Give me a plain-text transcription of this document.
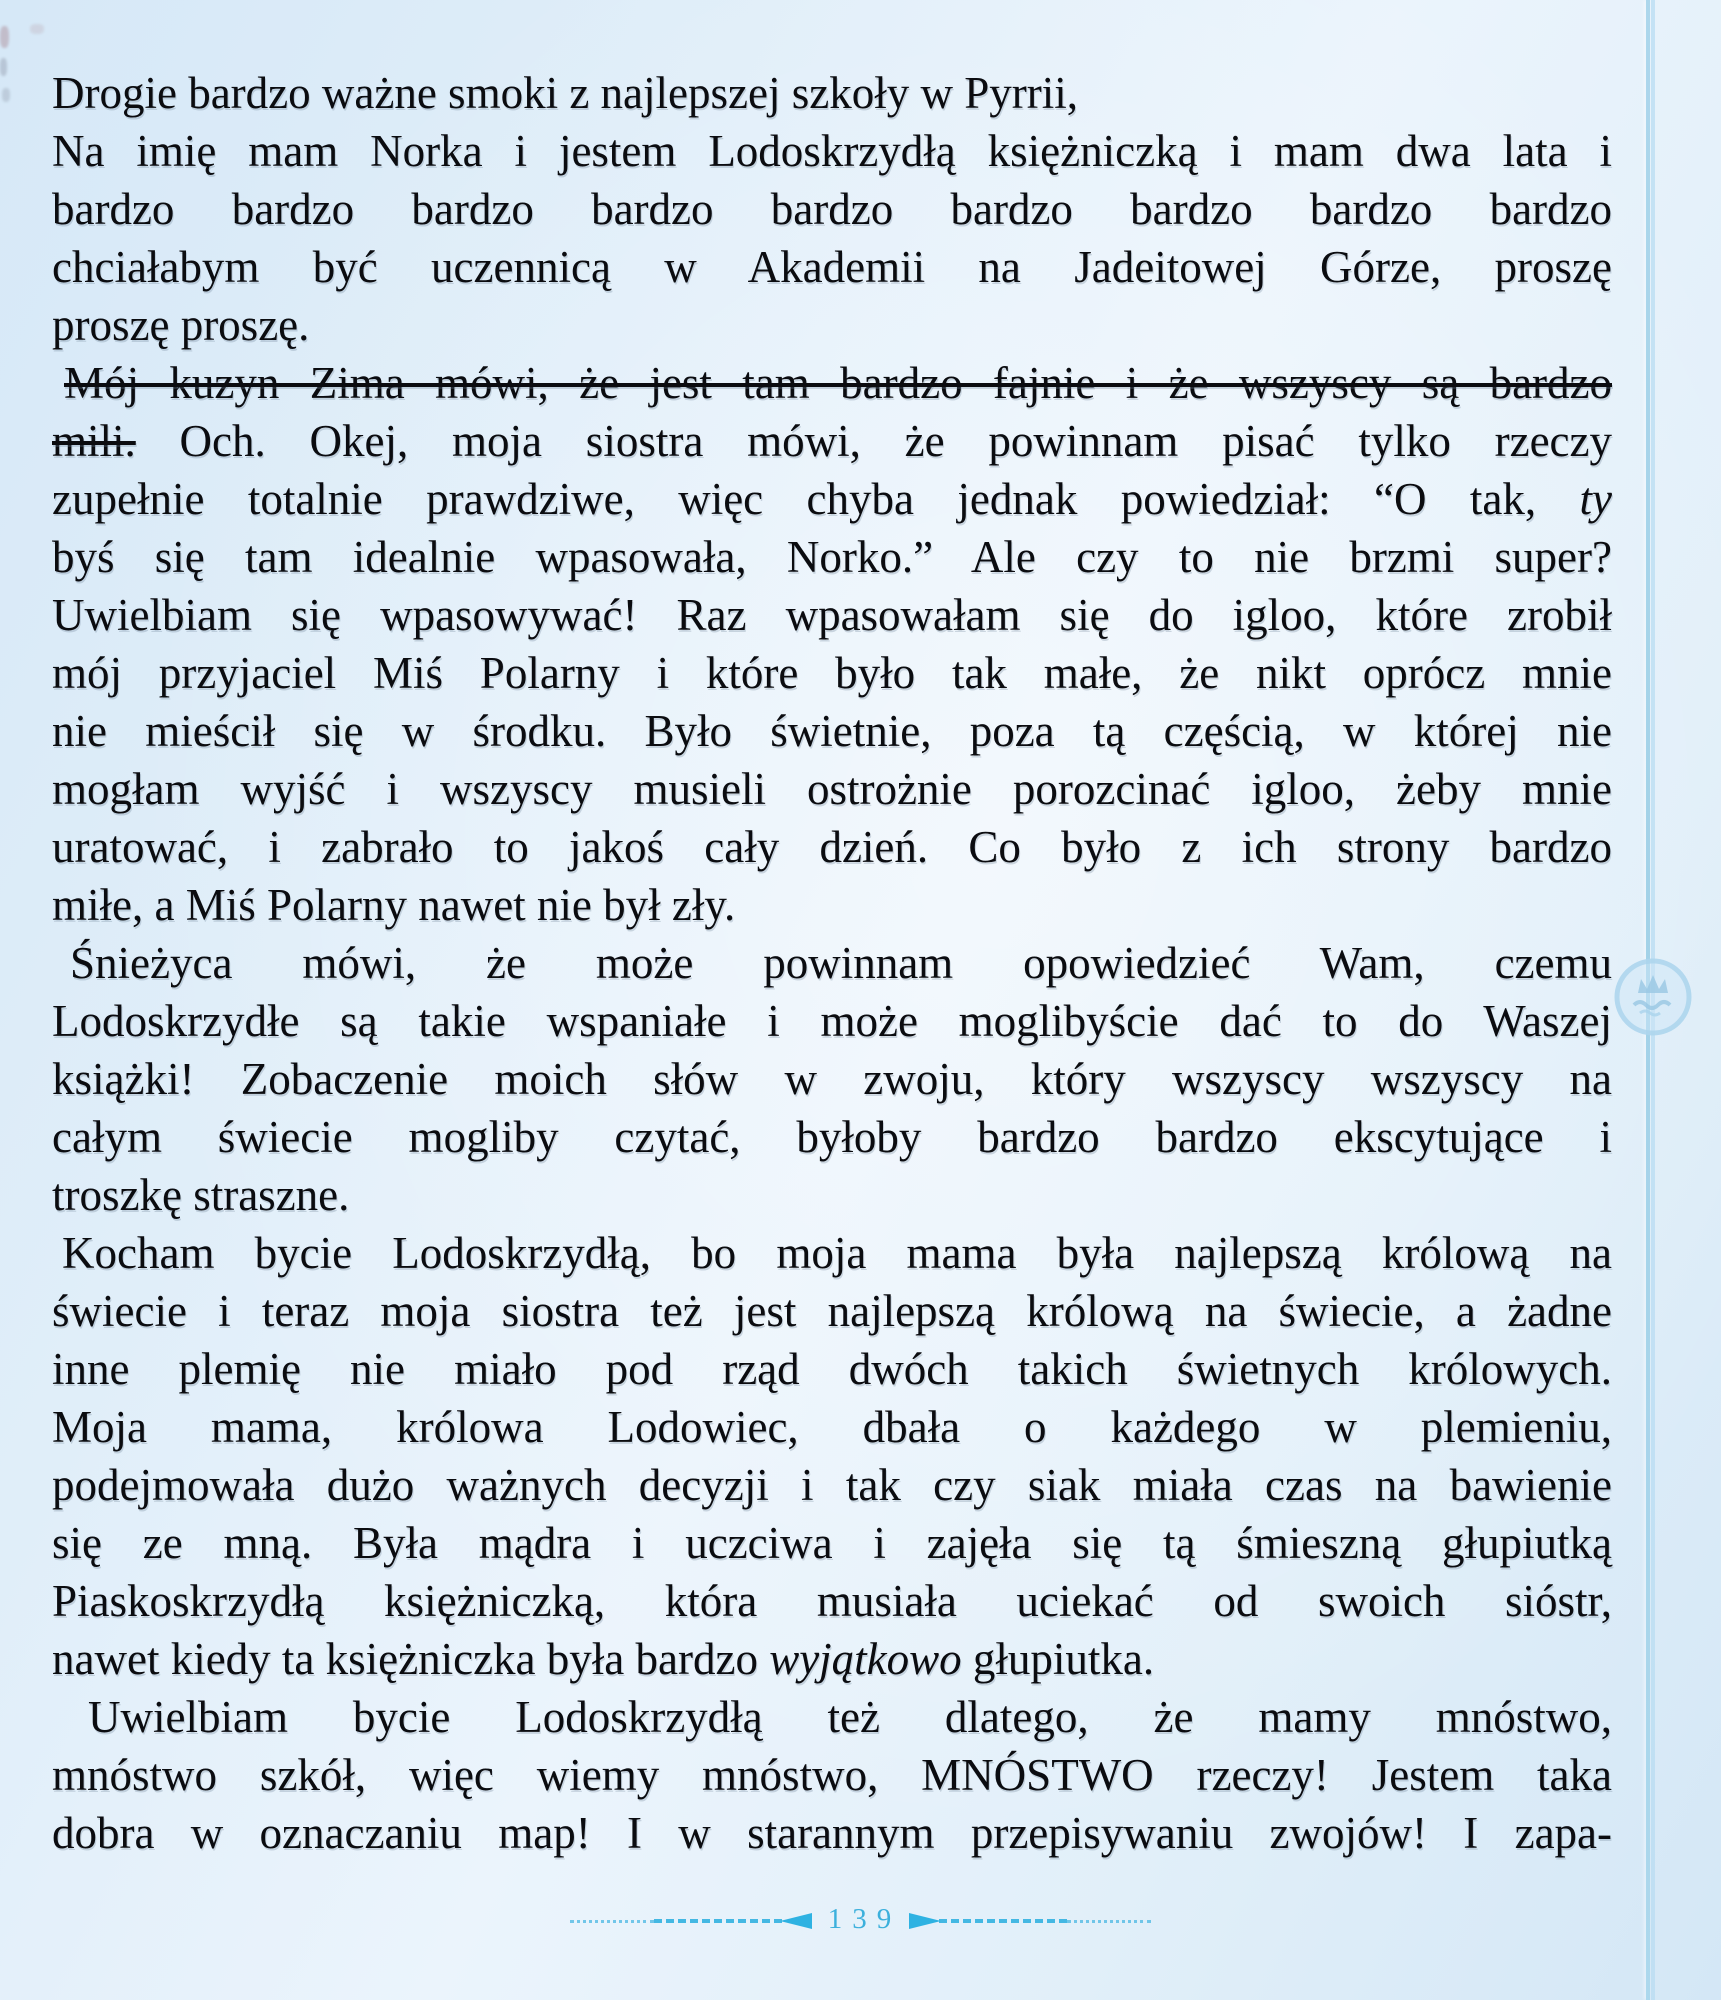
Drogie bardzo ważne smoki z najlepszej szkoły w Pyrrii,
Na imię mam Norka i jestem Lodoskrzydłą księżniczką i mam dwa lata i
bardzo bardzo bardzo bardzo bardzo bardzo bardzo bardzo bardzo
chciałabym być uczennicą w Akademii na Jadeitowej Górze, proszę
proszę proszę.
Mój kuzyn Zima mówi, że jest tam bardzo fajnie i że wszyscy są bardzo
mili. Och. Okej, moja siostra mówi, że powinnam pisać tylko rzeczy
zupełnie totalnie prawdziwe, więc chyba jednak powiedział: “O tak, ty
byś się tam idealnie wpasowała, Norko.” Ale czy to nie brzmi super?
Uwielbiam się wpasowywać! Raz wpasowałam się do igloo, które zrobił
mój przyjaciel Miś Polarny i które było tak małe, że nikt oprócz mnie
nie mieścił się w środku. Było świetnie, poza tą częścią, w której nie
mogłam wyjść i wszyscy musieli ostrożnie porozcinać igloo, żeby mnie
uratować, i zabrało to jakoś cały dzień. Co było z ich strony bardzo
miłe, a Miś Polarny nawet nie był zły.
Śnieżyca mówi, że może powinnam opowiedzieć Wam, czemu
Lodoskrzydłe są takie wspaniałe i może moglibyście dać to do Waszej
książki! Zobaczenie moich słów w zwoju, który wszyscy wszyscy na
całym świecie mogliby czytać, byłoby bardzo bardzo ekscytujące i
troszkę straszne.
Kocham bycie Lodoskrzydłą, bo moja mama była najlepszą królową na
świecie i teraz moja siostra też jest najlepszą królową na świecie, a żadne
inne plemię nie miało pod rząd dwóch takich świetnych królowych.
Moja mama, królowa Lodowiec, dbała o każdego w plemieniu,
podejmowała dużo ważnych decyzji i tak czy siak miała czas na bawienie
się ze mną. Była mądra i uczciwa i zajęła się tą śmieszną głupiutką
Piaskoskrzydłą księżniczką, która musiała uciekać od swoich sióstr,
nawet kiedy ta księżniczka była bardzo wyjątkowo głupiutka.
Uwielbiam bycie Lodoskrzydłą też dlatego, że mamy mnóstwo,
mnóstwo szkół, więc wiemy mnóstwo, MNÓSTWO rzeczy! Jestem taka
dobra w oznaczaniu map! I w starannym przepisywaniu zwojów! I zapa-
139
